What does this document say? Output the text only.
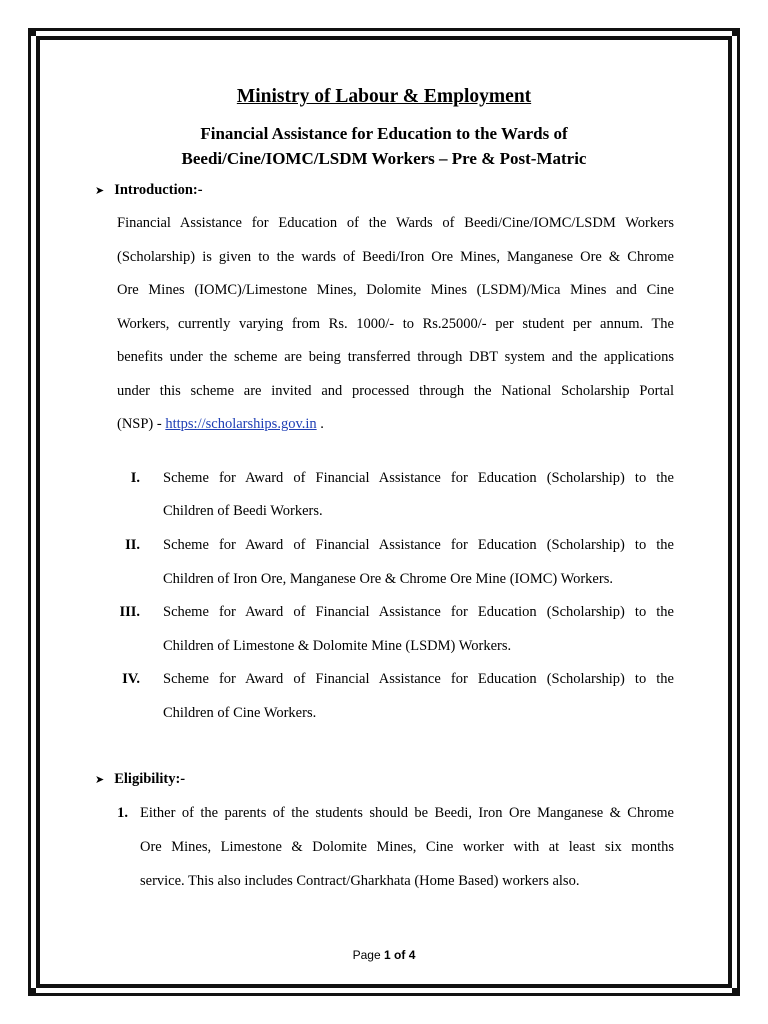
Ministry of Labour & Employment
Financial Assistance for Education to the Wards of
Beedi/Cine/IOMC/LSDM Workers – Pre & Post-Matric
➤ Introduction:-
Financial Assistance for Education of the Wards of Beedi/Cine/IOMC/LSDM Workers
(Scholarship) is given to the wards of Beedi/Iron Ore Mines, Manganese Ore & Chrome
Ore Mines (IOMC)/Limestone Mines, Dolomite Mines (LSDM)/Mica Mines and Cine
Workers, currently varying from Rs. 1000/- to Rs.25000/- per student per annum. The
benefits under the scheme are being transferred through DBT system and the applications
under this scheme are invited and processed through the National Scholarship Portal
(NSP) - https://scholarships.gov.in .
I. Scheme for Award of Financial Assistance for Education (Scholarship) to the
Children of Beedi Workers.
II. Scheme for Award of Financial Assistance for Education (Scholarship) to the
Children of Iron Ore, Manganese Ore & Chrome Ore Mine (IOMC) Workers.
III. Scheme for Award of Financial Assistance for Education (Scholarship) to the
Children of Limestone & Dolomite Mine (LSDM) Workers.
IV. Scheme for Award of Financial Assistance for Education (Scholarship) to the
Children of Cine Workers.
➤ Eligibility:-
1. Either of the parents of the students should be Beedi, Iron Ore Manganese & Chrome
Ore Mines, Limestone & Dolomite Mines, Cine worker with at least six months
service. This also includes Contract/Gharkhata (Home Based) workers also.
Page 1 of 4
